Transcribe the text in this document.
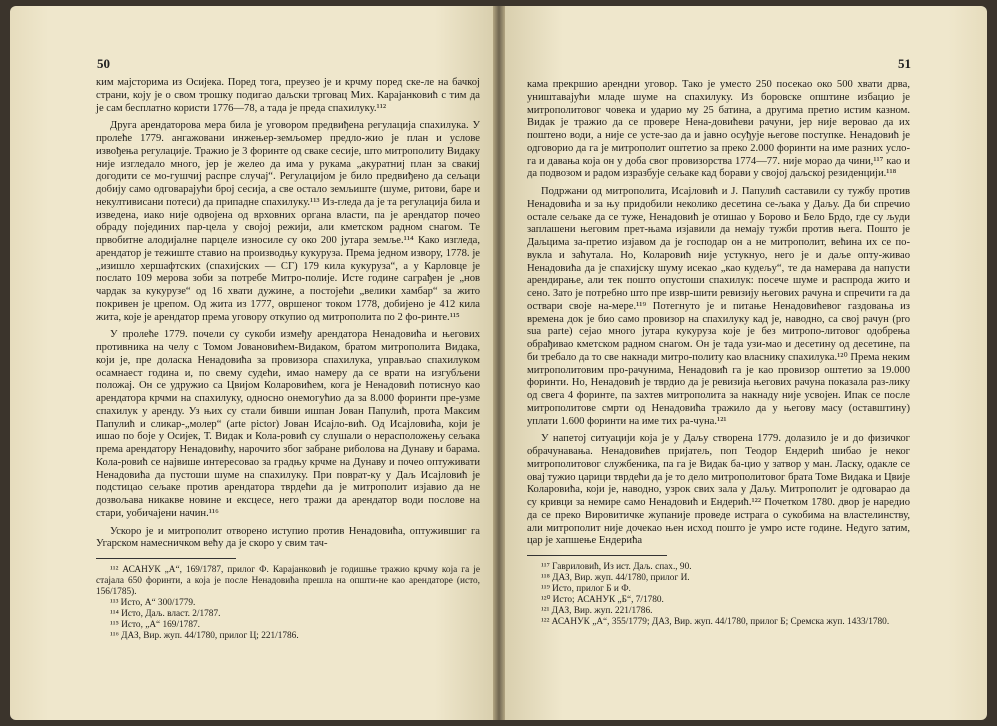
50

ким мајсторима из Осијека. Поред тога, преузео је и крчму поред ске-ле на бачкој страни, коју је о свом трошку подигао даљски трговац Мих. Карајанковић с тим да је сам бесплатно користи 1776—78, а тада је преда спахилуку.¹¹²

Друга арендаторова мера била је уговором предвиђена регулација спахилука. У пролеће 1779. ангажовани инжењер-земљомер предло-жио је план и услове извођења регулације. Тражио је 3 форинте од сваке сесије, што митрополиту Видаку није изгледало много, јер је желео да има у рукама „акуратниј план за свакиј догодити се мо-гушчиј распре случај“. Регулацијом је било предвиђено да сељаци добију само одговарајући број сесија, а све остало земљиште (шуме, ритови, баре и некултивисани потеси) да припадне спахилуку.¹¹³ Из-гледа да је та регулација била и изведена, иако није одвојена од врховних органа власти, па је арендатор почео обраду појединих пар-цела у својој режији, али кметском радном снагом. Те првобитне алодијалне парцеле износиле су око 200 јутара земље.¹¹⁴ Како изгледа, арендатор је тежиште ставио на производњу кукуруза. Према једном извору, 1778. је „изишло хершафтских (спахијских — СГ) 179 кила кукуруза“, а у Карловце је послато 109 мерова зоби за потребе Митро-полије. Исте године саграђен је „нов чардак за кукурузе“ од 16 хвати дужине, а постојећи „велики хамбар“ за жито покривен је црепом. Од жита из 1777, овршеног током 1778, добијено је 412 кила жита, које је арендатор према уговору откупио од митрополита по 2 фо-ринте.¹¹⁵

У пролеће 1779. почели су сукоби између арендатора Ненадовића и његових противника на челу с Томом Јовановићем-Видаком, братом митрополита Видака, који је, пре доласка Ненадовића за провизора спахилука, управљао спахилуком осамнаест година и, по свему судећи, имао намеру да се врати на изгубљени положај. Он се удружио са Цвијом Коларовићем, кога је Ненадовић потиснуо као арендатора крчми на спахилуку, односно онемогућио да за 8.000 форинти пре-узме спахилук у аренду. Уз њих су стали бивши ишпан Јован Папулић, прота Максим Папулић и сликар-„молер“ (arte pictor) Јован Исајло-вић. Од Исајловића, који је ишао по боје у Осијек, Т. Видак и Кола-ровић су слушали о нерасположењу сељака према арендатору Ненадовићу, нарочито због забране риболова на Дунаву и барама. Кола-ровић се највише интересовао за градњу крчме на Дунаву и почео оптуживати Ненадовића да пустоши шуме на спахилуку. При поврат-ку у Даљ Исајловић је подстицао сељаке против арендатора тврдећи да је митрополит изјавио да не дозвољава никакве новине и ексцесе, него тражи да арендатор води послове на стари, уобичајени начин.¹¹⁶

Ускоро је и митрополит отворено иступио против Ненадовића, оптужившиг га Угарском намесничком већу да је скоро у свим тач-

¹¹² АСАНУК „А“, 169/1787, прилог Ф. Карајанковић је годишње тражио крчму која га је стајала 650 форинти, а која је после Ненадовића прешла на општи-не као арендаторе (исто, 156/1785).
¹¹³ Исто, А“ 300/1779.
¹¹⁴ Исто, Даљ. власт. 2/1787.
¹¹⁵ Исто, „А“ 169/1787.
¹¹⁶ ДАЗ, Вир. жуп. 44/1780, прилог Ц; 221/1786.
51

кама прекршио арендни уговор. Тако је уместо 250 посекао око 500 хвати дрва, уништавајући младе шуме на спахилуку. Из боровске општине избацио је митрополитовог човека и ударио му 25 батина, а другима претио истим казном. Видак је тражио да се провере Нена-довићеви рачуни, јер није веровао да их поштено води, а није се усте-зао да и јавно осуђује његове поступке. Ненадовић је одговорио да га је митрополит оштетио за преко 2.000 форинти на име разних усло-га и давања која он у доба свог провизорства 1774—77. није морао да чини,¹¹⁷ као и да подвозом и радом изразбује сељаке кад борави у својој даљској резиденцији.¹¹⁸

Подржани од митрополита, Исајловић и Ј. Папулић саставили су тужбу против Ненадовића и за њу придобили неколико десетина се-љака у Даљу. Да би спречио остале сељаке да се туже, Ненадовић је отишао у Борово и Бело Брдо, где су људи заплашени његовим прет-њама изјавили да немају тужби против њега. Пошто је Даљцима за-претио изјавом да је господар он а не митрополит, већина их се по-вукла и заћутала. Но, Коларовић није устукнуо, него је и даље опту-живао Ненадовића да је спахијску шуму исекао „као кудељу“, те да намерава да напусти арендирање, али тек пошто опустоши спахилук: посече шуме и распрода жито и сено. Зато је потребно што пре извр-шити ревизију његових рачуна и спречити га да оствари своје на-мере.¹¹⁹ Потегнуто је и питање Ненадовићевог газдовања из времена док је био само провизор на спахилуку кад је, наводно, са свој рачун (pro sua parte) сејао много јутара кукуруза које је без митропо-литовог одобрења обрађивао кметском радном снагом. Он је тада узи-мао и десетину од десетине, па би требало да то све накнади митро-политу као власнику спахилука.¹²⁰ Према неким митрополитовим про-рачунима, Ненадовић га је као провизор оштетио за 19.000 форинти. Но, Ненадовић је тврдио да је ревизија његових рачуна показала раз-лику од свега 4 форинте, па захтев митрополита за накнаду није усвојен. Ипак се после митрополитове смрти од Ненадовића тражило да у његову масу (оставштину) уплати 1.600 форинти на име тих ра-чуна.¹²¹

У напетој ситуацији која је у Даљу створена 1779. долазило је и до физичког обрачунавања. Ненадовићев пријатељ, поп Теодор Ендерић шибао је неког митрополитовог службеника, па га је Видак ба-цио у затвор у ман. Ласку, одакле се овај тужио царици тврдећи да је то дело митрополитовог брата Томе Видака и Цвије Коларовића, који је, наводно, узрок свих зала у Даљу. Митрополит је одговарао да су кривци за немире само Ненадовић и Ендерић.¹²² Почетком 1780. двор је наредио да се преко Вировитичке жупаније проведе истрага о сукобима на властелинству, али митрополит није дочекао њен исход пошто је умро исте године. Недуго затим, цар је хапшење Ендерића

¹¹⁷ Гавриловић, Из ист. Даљ. спах., 90.
¹¹⁸ ДАЗ, Вир. жуп. 44/1780, прилог И.
¹¹⁹ Исто, прилог Б и Ф.
¹²⁰ Исто; АСАНУК „Б“, 7/1780.
¹²¹ ДАЗ, Вир. жуп. 221/1786.
¹²² АСАНУК „А“, 355/1779; ДАЗ, Вир. жуп. 44/1780, прилог Б; Сремска жуп. 1433/1780.
